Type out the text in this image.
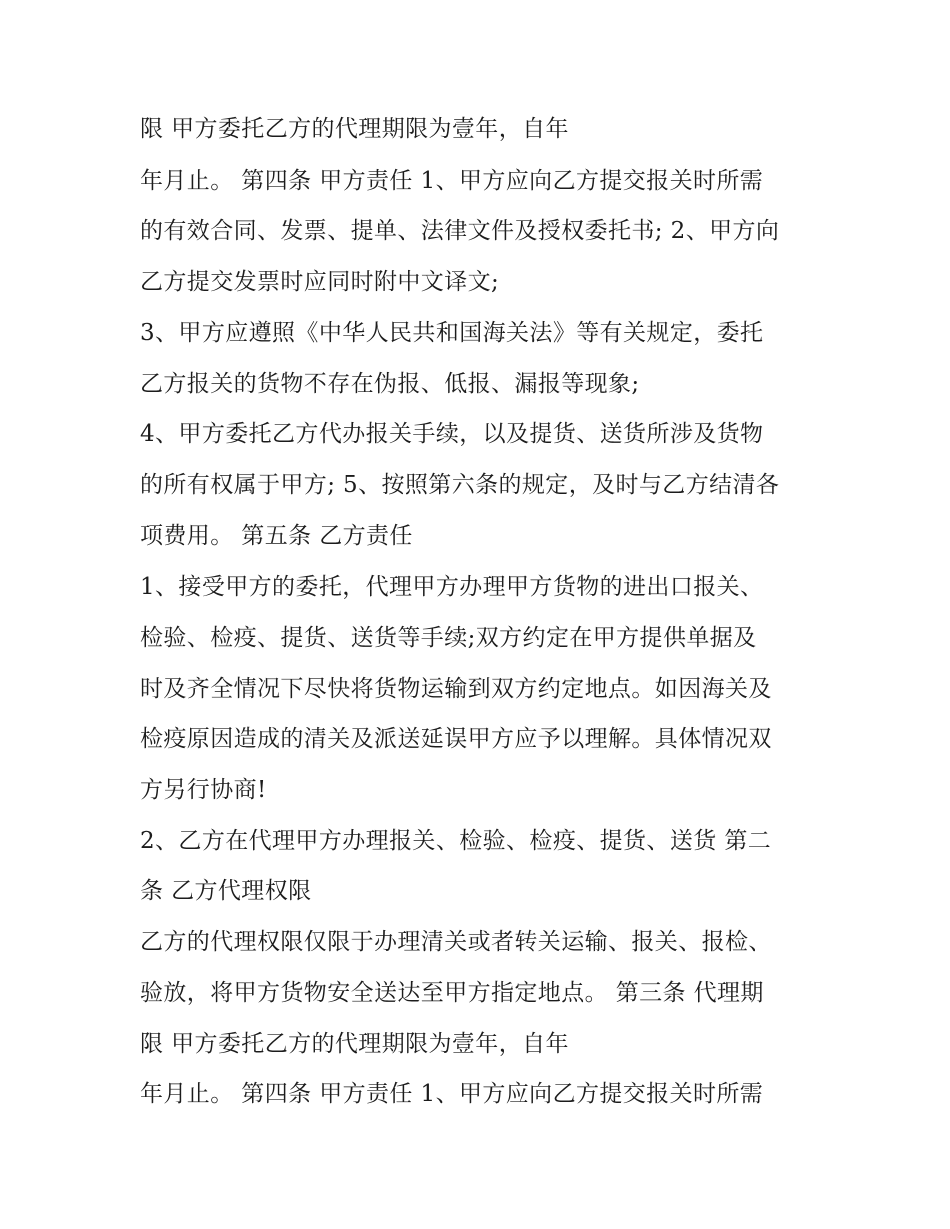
限 甲方委托乙方的代理期限为壹年，自年
年月止。 第四条 甲方责任 1、甲方应向乙方提交报关时所需
的有效合同、发票、提单、法律文件及授权委托书; 2、甲方向
乙方提交发票时应同时附中文译文;
3、甲方应遵照《中华人民共和国海关法》等有关规定，委托
乙方报关的货物不存在伪报、低报、漏报等现象;
4、甲方委托乙方代办报关手续，以及提货、送货所涉及货物
的所有权属于甲方; 5、按照第六条的规定，及时与乙方结清各
项费用。 第五条 乙方责任
1、接受甲方的委托，代理甲方办理甲方货物的进出口报关、
检验、检疫、提货、送货等手续;双方约定在甲方提供单据及
时及齐全情况下尽快将货物运输到双方约定地点。如因海关及
检疫原因造成的清关及派送延误甲方应予以理解。具体情况双
方另行协商!
2、乙方在代理甲方办理报关、检验、检疫、提货、送货 第二
条 乙方代理权限
乙方的代理权限仅限于办理清关或者转关运输、报关、报检、
验放，将甲方货物安全送达至甲方指定地点。 第三条 代理期
限 甲方委托乙方的代理期限为壹年，自年
年月止。 第四条 甲方责任 1、甲方应向乙方提交报关时所需
